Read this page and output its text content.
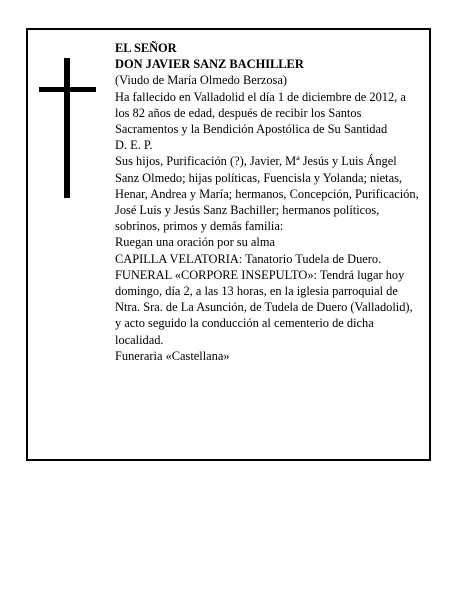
EL SEÑOR

DON JAVIER SANZ BACHILLER

(Viudo de María Olmedo Berzosa)

Ha fallecido en Valladolid el día 1 de diciembre de 2012, a los 82 años de edad, después de recibir los Santos Sacramentos y la Bendición Apostólica de Su Santidad

D. E. P.

Sus hijos, Purificación (?), Javier, Mª Jesús y Luis Ángel Sanz Olmedo; hijas políticas, Fuencisla y Yolanda; nietas, Henar, Andrea y María; hermanos, Concepción, Purificación, José Luis y Jesús Sanz Bachiller; hermanos políticos, sobrinos, primos y demás familia:

Ruegan una oración por su alma

CAPILLA VELATORIA: Tanatorio Tudela de Duero.

FUNERAL «CORPORE INSEPULTO»: Tendrá lugar hoy domingo, día 2, a las 13 horas, en la iglesia parroquial de Ntra. Sra. de La Asunción, de Tudela de Duero (Valladolid), y acto seguido la conducción al cementerio de dicha localidad.

Funeraria «Castellana»
